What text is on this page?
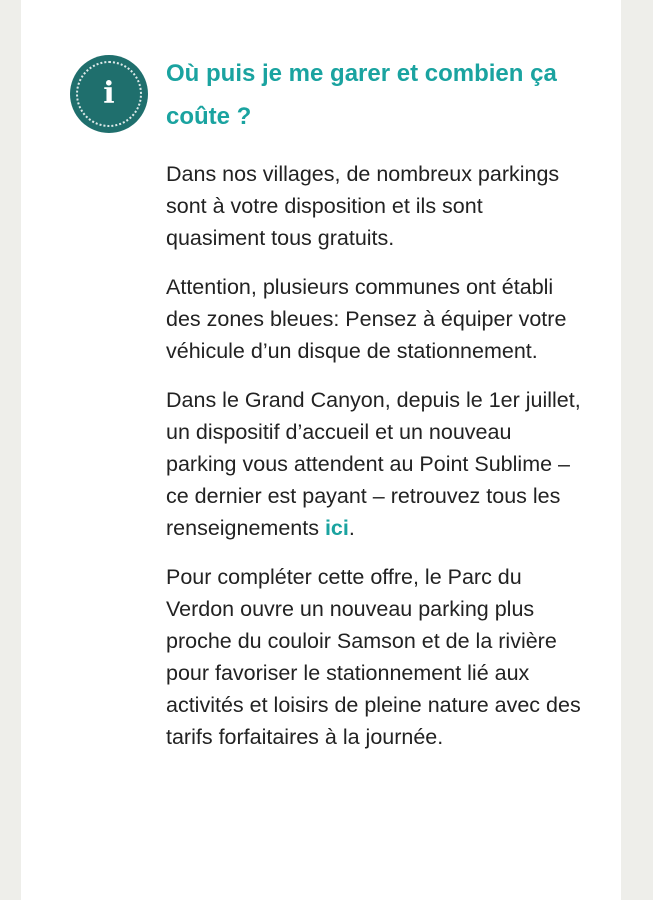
i
Où puis je me garer et combien ça coûte ?

Dans nos villages, de nombreux parkings sont à votre disposition et ils sont quasiment tous gratuits.

Attention, plusieurs communes ont établi des zones bleues: Pensez à équiper votre véhicule d’un disque de stationnement.

Dans le Grand Canyon, depuis le 1er juillet, un dispositif d’accueil et un nouveau parking vous attendent au Point Sublime – ce dernier est payant – retrouvez tous les renseignements ici.

Pour compléter cette offre, le Parc du Verdon ouvre un nouveau parking plus proche du couloir Samson et de la rivière pour favoriser le stationnement lié aux activités et loisirs de pleine nature avec des tarifs forfaitaires à la journée.
